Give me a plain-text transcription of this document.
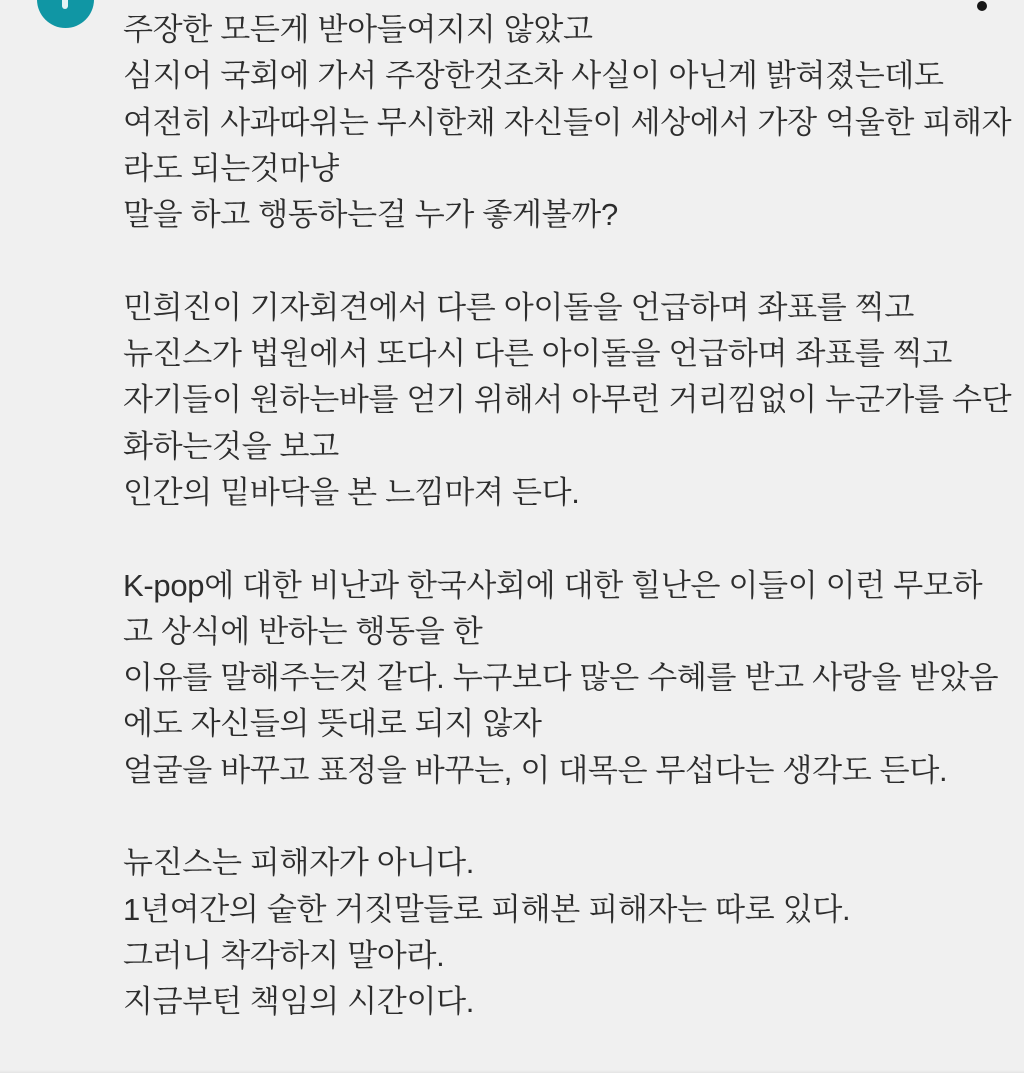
주장한 모든게 받아들여지지 않았고
심지어 국회에 가서 주장한것조차 사실이 아닌게 밝혀졌는데도
여전히 사과따위는 무시한채 자신들이 세상에서 가장 억울한 피해자
라도 되는것마냥
말을 하고 행동하는걸 누가 좋게볼까?
민희진이 기자회견에서 다른 아이돌을 언급하며 좌표를 찍고
뉴진스가 법원에서 또다시 다른 아이돌을 언급하며 좌표를 찍고
자기들이 원하는바를 얻기 위해서 아무런 거리낌없이 누군가를 수단
화하는것을 보고
인간의 밑바닥을 본 느낌마져 든다.
K-pop에 대한 비난과 한국사회에 대한 힐난은 이들이 이런 무모하
고 상식에 반하는 행동을 한
이유를 말해주는것 같다. 누구보다 많은 수혜를 받고 사랑을 받았음
에도 자신들의 뜻대로 되지 않자
얼굴을 바꾸고 표정을 바꾸는, 이 대목은 무섭다는 생각도 든다.
뉴진스는 피해자가 아니다.
1년여간의 숱한 거짓말들로 피해본 피해자는 따로 있다.
그러니 착각하지 말아라.
지금부턴 책임의 시간이다.
